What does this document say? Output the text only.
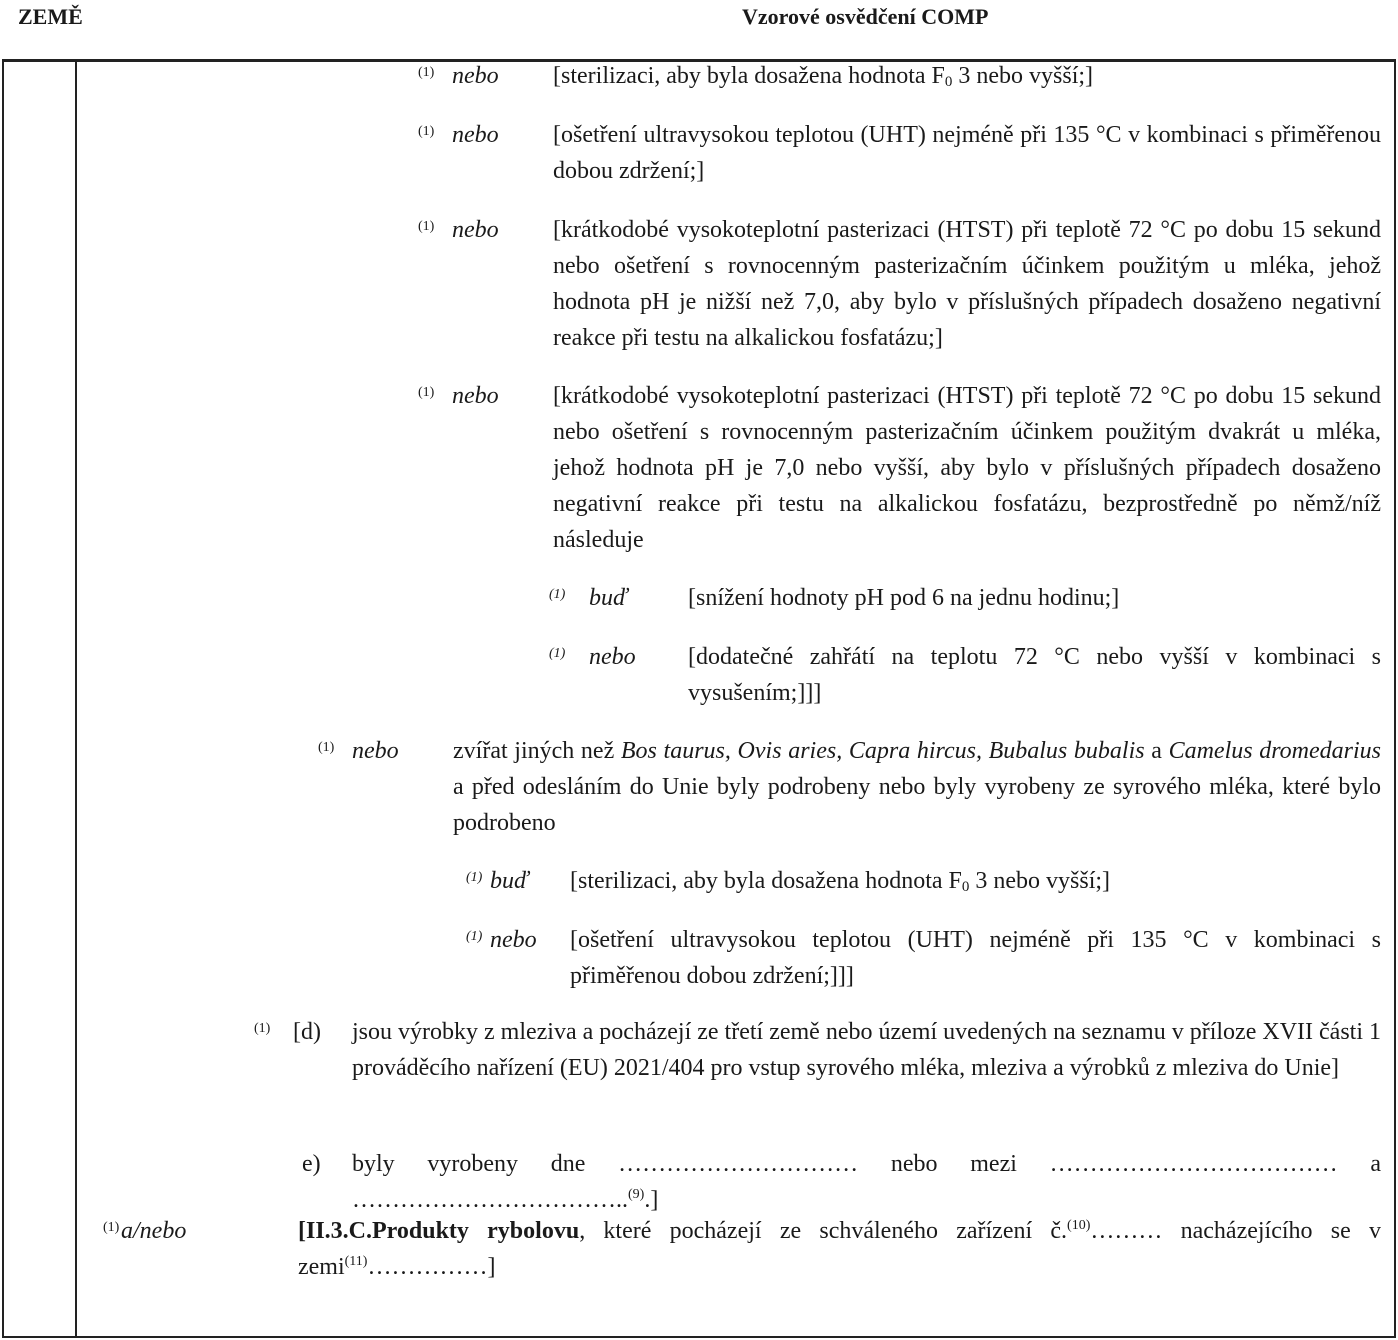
ZEMĚ	Vzorové osvědčení COMP
(1) nebo [sterilizaci, aby byla dosažena hodnota $F_0$ 3 nebo vyšší;]
(1) nebo [ošetření ultravysokou teplotou (UHT) nejméně při 135 °C v kombinaci s přiměřenou dobou zdržení;]
(1) nebo [krátkodobé vysokoteplotní pasterizaci (HTST) při teplotě 72 °C po dobu 15 sekund nebo ošetření s rovnocenným pasterizačním účinkem použitým u mléka, jehož hodnota pH je nižší než 7,0, aby bylo v příslušných případech dosaženo negativní reakce při testu na alkalickou fosfatázu;]
(1) nebo [krátkodobé vysokoteplotní pasterizaci (HTST) při teplotě 72 °C po dobu 15 sekund nebo ošetření s rovnocenným pasterizačním účinkem použitým dvakrát u mléka, jehož hodnota pH je 7,0 nebo vyšší, aby bylo v příslušných případech dosaženo negativní reakce při testu na alkalickou fosfatázu, bezprostředně po němž/níž následuje
(1) buď	[snížení hodnoty pH pod 6 na jednu hodinu;]
(1) nebo [dodatečné zahřátí na teplotu 72 °C nebo vyšší v kombinaci s vysušením;]]]
(1) nebo zvířat jiných než Bos taurus, Ovis aries, Capra hircus, Bubalus bubalis a Camelus dromedarius a před odesláním do Unie byly podrobeny nebo byly vyrobeny ze syrového mléka, které bylo podrobeno
(1) buď [sterilizaci, aby byla dosažena hodnota $F_0$ 3 nebo vyšší;]
(1) nebo [ošetření ultravysokou teplotou (UHT) nejméně při 135 °C v kombinaci s přiměřenou dobou zdržení;]]]
(1) [d) jsou výrobky z mleziva a pocházejí ze třetí země nebo území uvedených na seznamu v příloze XVII části 1 prováděcího nařízení (EU) 2021/404 pro vstup syrového mléka, mleziva a výrobků z mleziva do Unie]
e) byly vyrobeny dne ………………………… nebo mezi ……………………………… a ……………………………..$^{(9)}$.]
(1) a/nebo	[II.3.C.Produkty rybolovu, které pocházejí ze schváleného zařízení č.$^{(10)}$……… nacházejícího se v zemi$^{(11)}$……………]
